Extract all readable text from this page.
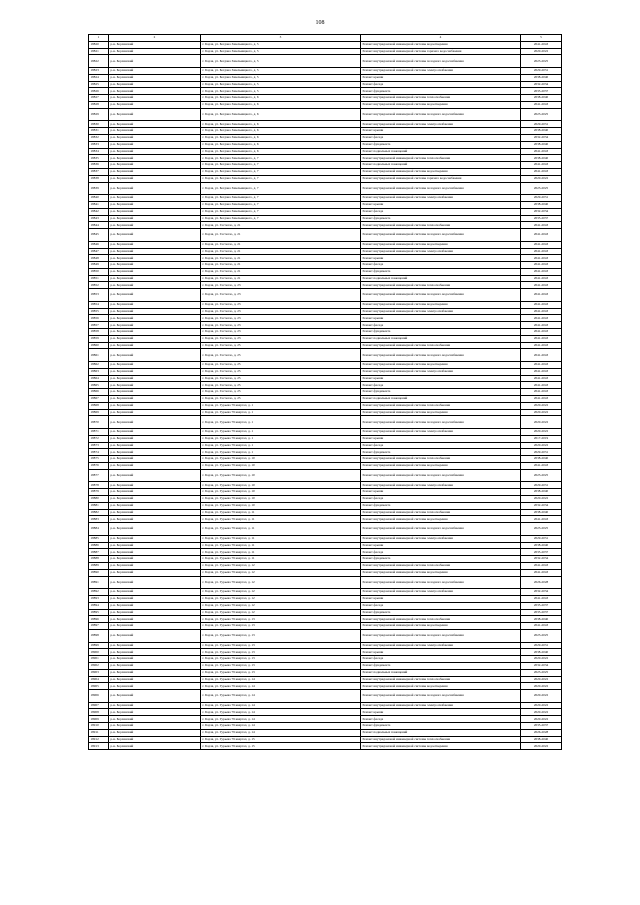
108
1	2	3	4	5
18820	р-н. Борзинский	г. Борзя, ул. Богдана Хмельницкого, д. 5	Ремонт внутридомовой инженерной системы водоотведения	2041-2043
18821	р-н. Борзинский	г. Борзя, ул. Богдана Хмельницкого, д. 5	Ремонт внутридомовой инженерной системы горячего водоснабжения	2020-2022
18822	р-н. Борзинский	г. Борзя, ул. Богдана Хмельницкого, д. 5	Ремонт внутридомовой инженерной системы холодного водоснабжения	2023-2025
18823	р-н. Борзинский	г. Борзя, ул. Богдана Хмельницкого, д. 5	Ремонт внутридомовой инженерной системы электроснабжения	2029-2031
18824	р-н. Борзинский	г. Борзя, ул. Богдана Хмельницкого, д. 5	Ремонт крыши	2038-2040
18825	р-н. Борзинский	г. Борзя, ул. Богдана Хмельницкого, д. 5	Ремонт фасада	2032-2034
18826	р-н. Борзинский	г. Борзя, ул. Богдана Хмельницкого, д. 5	Ремонт фундамента	2035-2037
18827	р-н. Борзинский	г. Борзя, ул. Богдана Хмельницкого, д. 6	Ремонт внутридомовой инженерной системы теплоснабжения	2038-2040
18828	р-н. Борзинский	г. Борзя, ул. Богдана Хмельницкого, д. 6	Ремонт внутридомовой инженерной системы водоотведения	2041-2043
18829	р-н. Борзинский	г. Борзя, ул. Богдана Хмельницкого, д. 6	Ремонт внутридомовой инженерной системы холодного водоснабжения	2023-2025
18830	р-н. Борзинский	г. Борзя, ул. Богдана Хмельницкого, д. 6	Ремонт внутридомовой инженерной системы электроснабжения	2029-2031
18831	р-н. Борзинский	г. Борзя, ул. Богдана Хмельницкого, д. 6	Ремонт крыши	2038-2040
18832	р-н. Борзинский	г. Борзя, ул. Богдана Хмельницкого, д. 6	Ремонт фасада	2032-2034
18833	р-н. Борзинский	г. Борзя, ул. Богдана Хмельницкого, д. 6	Ремонт фундамента	2038-2040
18834	р-н. Борзинский	г. Борзя, ул. Богдана Хмельницкого, д. 6	Ремонт подвальных помещений	2041-2043
18835	р-н. Борзинский	г. Борзя, ул. Богдана Хмельницкого, д. 7	Ремонт внутридомовой инженерной системы теплоснабжения	2038-2040
18836	р-н. Борзинский	г. Борзя, ул. Богдана Хмельницкого, д. 7	Ремонт подвальных помещений	2041-2043
18837	р-н. Борзинский	г. Борзя, ул. Богдана Хмельницкого, д. 7	Ремонт внутридомовой инженерной системы водоотведения	2041-2043
18838	р-н. Борзинский	г. Борзя, ул. Богдана Хмельницкого, д. 7	Ремонт внутридомовой инженерной системы горячего водоснабжения	2020-2022
18839	р-н. Борзинский	г. Борзя, ул. Богдана Хмельницкого, д. 7	Ремонт внутридомовой инженерной системы холодного водоснабжения	2023-2025
18840	р-н. Борзинский	г. Борзя, ул. Богдана Хмельницкого, д. 7	Ремонт внутридомовой инженерной системы электроснабжения	2029-2031
18841	р-н. Борзинский	г. Борзя, ул. Богдана Хмельницкого, д. 7	Ремонт крыши	2038-2040
18842	р-н. Борзинский	г. Борзя, ул. Богдана Хмельницкого, д. 7	Ремонт фасада	2032-2034
18843	р-н. Борзинский	г. Борзя, ул. Богдана Хмельницкого, д. 7	Ремонт фундамента	2035-2037
18844	р-н. Борзинский	г. Борзя, ул. Гастелло, д. 21	Ремонт внутридомовой инженерной системы теплоснабжения	2041-2043
18845	р-н. Борзинский	г. Борзя, ул. Гастелло, д. 21	Ремонт внутридомовой инженерной системы холодного водоснабжения	2041-2043
18846	р-н. Борзинский	г. Борзя, ул. Гастелло, д. 21	Ремонт внутридомовой инженерной системы водоотведения	2041-2043
18847	р-н. Борзинский	г. Борзя, ул. Гастелло, д. 21	Ремонт внутридомовой инженерной системы электроснабжения	2041-2043
18848	р-н. Борзинский	г. Борзя, ул. Гастелло, д. 21	Ремонт крыши	2041-2043
18849	р-н. Борзинский	г. Борзя, ул. Гастелло, д. 21	Ремонт фасада	2041-2043
18850	р-н. Борзинский	г. Борзя, ул. Гастелло, д. 21	Ремонт фундамента	2041-2043
18851	р-н. Борзинский	г. Борзя, ул. Гастелло, д. 21	Ремонт подвальных помещений	2041-2043
18852	р-н. Борзинский	г. Борзя, ул. Гастелло, д. 23	Ремонт внутридомовой инженерной системы теплоснабжения	2041-2043
18853	р-н. Борзинский	г. Борзя, ул. Гастелло, д. 23	Ремонт внутридомовой инженерной системы холодного водоснабжения	2041-2043
18854	р-н. Борзинский	г. Борзя, ул. Гастелло, д. 23	Ремонт внутридомовой инженерной системы водоотведения	2041-2043
18855	р-н. Борзинский	г. Борзя, ул. Гастелло, д. 23	Ремонт внутридомовой инженерной системы электроснабжения	2041-2043
18856	р-н. Борзинский	г. Борзя, ул. Гастелло, д. 23	Ремонт крыши	2041-2043
18857	р-н. Борзинский	г. Борзя, ул. Гастелло, д. 23	Ремонт фасада	2041-2043
18858	р-н. Борзинский	г. Борзя, ул. Гастелло, д. 23	Ремонт фундамента	2041-2043
18859	р-н. Борзинский	г. Борзя, ул. Гастелло, д. 23	Ремонт подвальных помещений	2041-2043
18860	р-н. Борзинский	г. Борзя, ул. Гастелло, д. 25	Ремонт внутридомовой инженерной системы теплоснабжения	2041-2043
18861	р-н. Борзинский	г. Борзя, ул. Гастелло, д. 25	Ремонт внутридомовой инженерной системы холодного водоснабжения	2041-2043
18862	р-н. Борзинский	г. Борзя, ул. Гастелло, д. 25	Ремонт внутридомовой инженерной системы водоотведения	2041-2043
18863	р-н. Борзинский	г. Борзя, ул. Гастелло, д. 25	Ремонт внутридомовой инженерной системы электроснабжения	2041-2043
18864	р-н. Борзинский	г. Борзя, ул. Гастелло, д. 25	Ремонт крыши	2041-2043
18865	р-н. Борзинский	г. Борзя, ул. Гастелло, д. 25	Ремонт фасада	2041-2043
18866	р-н. Борзинский	г. Борзя, ул. Гастелло, д. 25	Ремонт фундамента	2041-2043
18867	р-н. Борзинский	г. Борзя, ул. Гастелло, д. 25	Ремонт подвальных помещений	2041-2043
18868	р-н. Борзинский	г. Борзя, ул. Гурьева 79 квартал, д. 1	Ремонт внутридомовой инженерной системы теплоснабжения	2020-2022
18869	р-н. Борзинский	г. Борзя, ул. Гурьева 79 квартал, д. 1	Ремонт внутридомовой инженерной системы водоотведения	2020-2022
18870	р-н. Борзинский	г. Борзя, ул. Гурьева 79 квартал, д. 1	Ремонт внутридомовой инженерной системы холодного водоснабжения	2020-2022
18871	р-н. Борзинский	г. Борзя, ул. Гурьева 79 квартал, д. 1	Ремонт внутридомовой инженерной системы электроснабжения	2020-2022
18872	р-н. Борзинский	г. Борзя, ул. Гурьева 79 квартал, д. 1	Ремонт крыши	2017-2019
18873	р-н. Борзинский	г. Борзя, ул. Гурьева 79 квартал, д. 1	Ремонт фасада	2020-2022
18874	р-н. Борзинский	г. Борзя, ул. Гурьева 79 квартал, д. 1	Ремонт фундамента	2029-2031
18875	р-н. Борзинский	г. Борзя, ул. Гурьева 79 квартал, д. 10	Ремонт внутридомовой инженерной системы теплоснабжения	2038-2040
18876	р-н. Борзинский	г. Борзя, ул. Гурьева 79 квартал, д. 10	Ремонт внутридомовой инженерной системы водоотведения	2041-2043
18877	р-н. Борзинский	г. Борзя, ул. Гурьева 79 квартал, д. 10	Ремонт внутридомовой инженерной системы холодного водоснабжения	2023-2025
18878	р-н. Борзинский	г. Борзя, ул. Гурьева 79 квартал, д. 10	Ремонт внутридомовой инженерной системы электроснабжения	2029-2031
18879	р-н. Борзинский	г. Борзя, ул. Гурьева 79 квартал, д. 10	Ремонт крыши	2038-2040
18880	р-н. Борзинский	г. Борзя, ул. Гурьева 79 квартал, д. 10	Ремонт фасада	2020-2022
18881	р-н. Борзинский	г. Борзя, ул. Гурьева 79 квартал, д. 10	Ремонт фундамента	2032-2034
18882	р-н. Борзинский	г. Борзя, ул. Гурьева 79 квартал, д. 11	Ремонт внутридомовой инженерной системы теплоснабжения	2038-2040
18883	р-н. Борзинский	г. Борзя, ул. Гурьева 79 квартал, д. 11	Ремонт внутридомовой инженерной системы водоотведения	2041-2043
18884	р-н. Борзинский	г. Борзя, ул. Гурьева 79 квартал, д. 11	Ремонт внутридомовой инженерной системы холодного водоснабжения	2023-2025
18885	р-н. Борзинский	г. Борзя, ул. Гурьева 79 квартал, д. 11	Ремонт внутридомовой инженерной системы электроснабжения	2029-2031
18886	р-н. Борзинский	г. Борзя, ул. Гурьева 79 квартал, д. 11	Ремонт крыши	2038-2040
18887	р-н. Борзинский	г. Борзя, ул. Гурьева 79 квартал, д. 11	Ремонт фасада	2035-2037
18888	р-н. Борзинский	г. Борзя, ул. Гурьева 79 квартал, д. 11	Ремонт фундамента	2032-2034
18889	р-н. Борзинский	г. Борзя, ул. Гурьева 79 квартал, д. 12	Ремонт внутридомовой инженерной системы теплоснабжения	2041-2043
18890	р-н. Борзинский	г. Борзя, ул. Гурьева 79 квартал, д. 12	Ремонт внутридомовой инженерной системы водоотведения	2041-2043
18891	р-н. Борзинский	г. Борзя, ул. Гурьева 79 квартал, д. 12	Ремонт внутридомовой инженерной системы холодного водоснабжения	2026-2028
18892	р-н. Борзинский	г. Борзя, ул. Гурьева 79 квартал, д. 12	Ремонт внутридомовой инженерной системы электроснабжения	2032-2034
18893	р-н. Борзинский	г. Борзя, ул. Гурьева 79 квартал, д. 12	Ремонт крыши	2041-2043
18894	р-н. Борзинский	г. Борзя, ул. Гурьева 79 квартал, д. 12	Ремонт фасада	2035-2037
18895	р-н. Борзинский	г. Борзя, ул. Гурьева 79 квартал, д. 12	Ремонт фундамента	2035-2037
18896	р-н. Борзинский	г. Борзя, ул. Гурьева 79 квартал, д. 13	Ремонт внутридомовой инженерной системы теплоснабжения	2038-2040
18897	р-н. Борзинский	г. Борзя, ул. Гурьева 79 квартал, д. 13	Ремонт внутридомовой инженерной системы водоотведения	2041-2043
18898	р-н. Борзинский	г. Борзя, ул. Гурьева 79 квартал, д. 13	Ремонт внутридомовой инженерной системы холодного водоснабжения	2023-2025
18899	р-н. Борзинский	г. Борзя, ул. Гурьева 79 квартал, д. 13	Ремонт внутридомовой инженерной системы электроснабжения	2029-2031
18900	р-н. Борзинский	г. Борзя, ул. Гурьева 79 квартал, д. 13	Ремонт крыши	2038-2040
18901	р-н. Борзинский	г. Борзя, ул. Гурьева 79 квартал, д. 13	Ремонт фасада	2020-2022
18902	р-н. Борзинский	г. Борзя, ул. Гурьева 79 квартал, д. 13	Ремонт фундамента	2032-2034
18903	р-н. Борзинский	г. Борзя, ул. Гурьева 79 квартал, д. 13	Ремонт подвальных помещений	2023-2025
18904	р-н. Борзинский	г. Борзя, ул. Гурьева 79 квартал, д. 14	Ремонт внутридомовой инженерной системы теплоснабжения	2020-2022
18905	р-н. Борзинский	г. Борзя, ул. Гурьева 79 квартал, д. 14	Ремонт внутридомовой инженерной системы водоотведения	2020-2022
18906	р-н. Борзинский	г. Борзя, ул. Гурьева 79 квартал, д. 14	Ремонт внутридомовой инженерной системы холодного водоснабжения	2020-2022
18907	р-н. Борзинский	г. Борзя, ул. Гурьева 79 квартал, д. 14	Ремонт внутридомовой инженерной системы электроснабжения	2020-2022
18908	р-н. Борзинский	г. Борзя, ул. Гурьева 79 квартал, д. 14	Ремонт крыши	2020-2022
18909	р-н. Борзинский	г. Борзя, ул. Гурьева 79 квартал, д. 14	Ремонт фасада	2020-2022
18910	р-н. Борзинский	г. Борзя, ул. Гурьева 79 квартал, д. 14	Ремонт фундамента	2035-2037
18911	р-н. Борзинский	г. Борзя, ул. Гурьева 79 квартал, д. 14	Ремонт подвальных помещений	2026-2028
18912	р-н. Борзинский	г. Борзя, ул. Гурьева 79 квартал, д. 15	Ремонт внутридомовой инженерной системы теплоснабжения	2038-2040
18913	р-н. Борзинский	г. Борзя, ул. Гурьева 79 квартал, д. 15	Ремонт внутридомовой инженерной системы водоотведения	2020-2022
